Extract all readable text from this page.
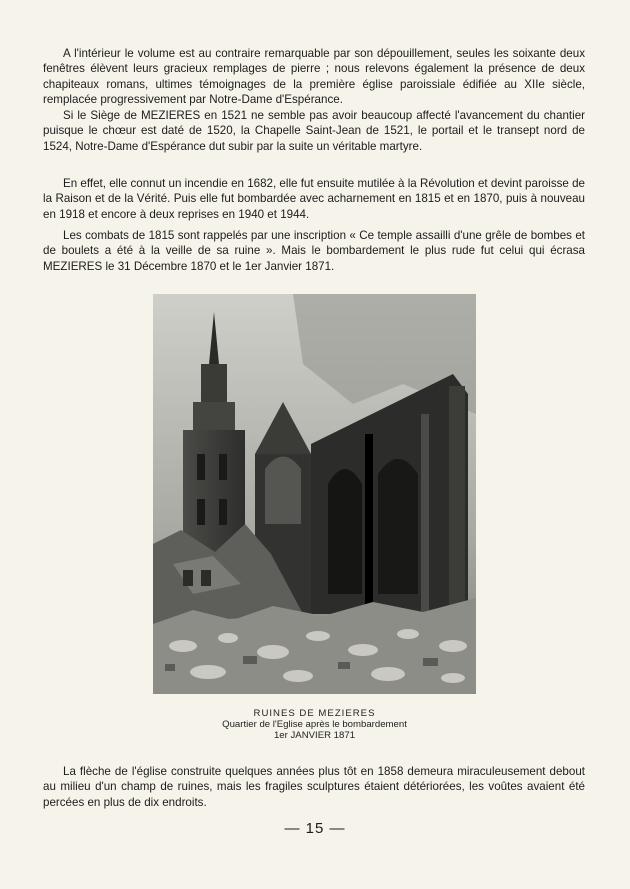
A l'intérieur le volume est au contraire remarquable par son dépouillement, seules les soixante deux fenêtres élèvent leurs gracieux remplages de pierre ; nous relevons également la présence de deux chapiteaux romans, ultimes témoignages de la première église paroissiale édifiée au XIIe siècle, remplacée progressivement par Notre-Dame d'Espérance.

Si le Siège de MEZIERES en 1521 ne semble pas avoir beaucoup affecté l'avancement du chantier puisque le chœur est daté de 1520, la Chapelle Saint-Jean de 1521, le portail et le transept nord de 1524, Notre-Dame d'Espérance dut subir par la suite un véritable martyre.

En effet, elle connut un incendie en 1682, elle fut ensuite mutilée à la Révolution et devint paroisse de la Raison et de la Vérité. Puis elle fut bombardée avec acharnement en 1815 et en 1870, puis à nouveau en 1918 et encore à deux reprises en 1940 et 1944.

Les combats de 1815 sont rappelés par une inscription « Ce temple assailli d'une grêle de bombes et de boulets a été à la veille de sa ruine ». Mais le bombardement le plus rude fut celui qui écrasa MEZIERES le 31 Décembre 1870 et le 1er Janvier 1871.

RUINES DE MEZIERES
Quartier de l'Eglise après le bombardement
1er JANVIER 1871

La flèche de l'église construite quelques années plus tôt en 1858 demeura miraculeusement debout au milieu d'un champ de ruines, mais les fragiles sculptures étaient détériorées, les voûtes avaient été percées en plus de dix endroits.

— 15 —
